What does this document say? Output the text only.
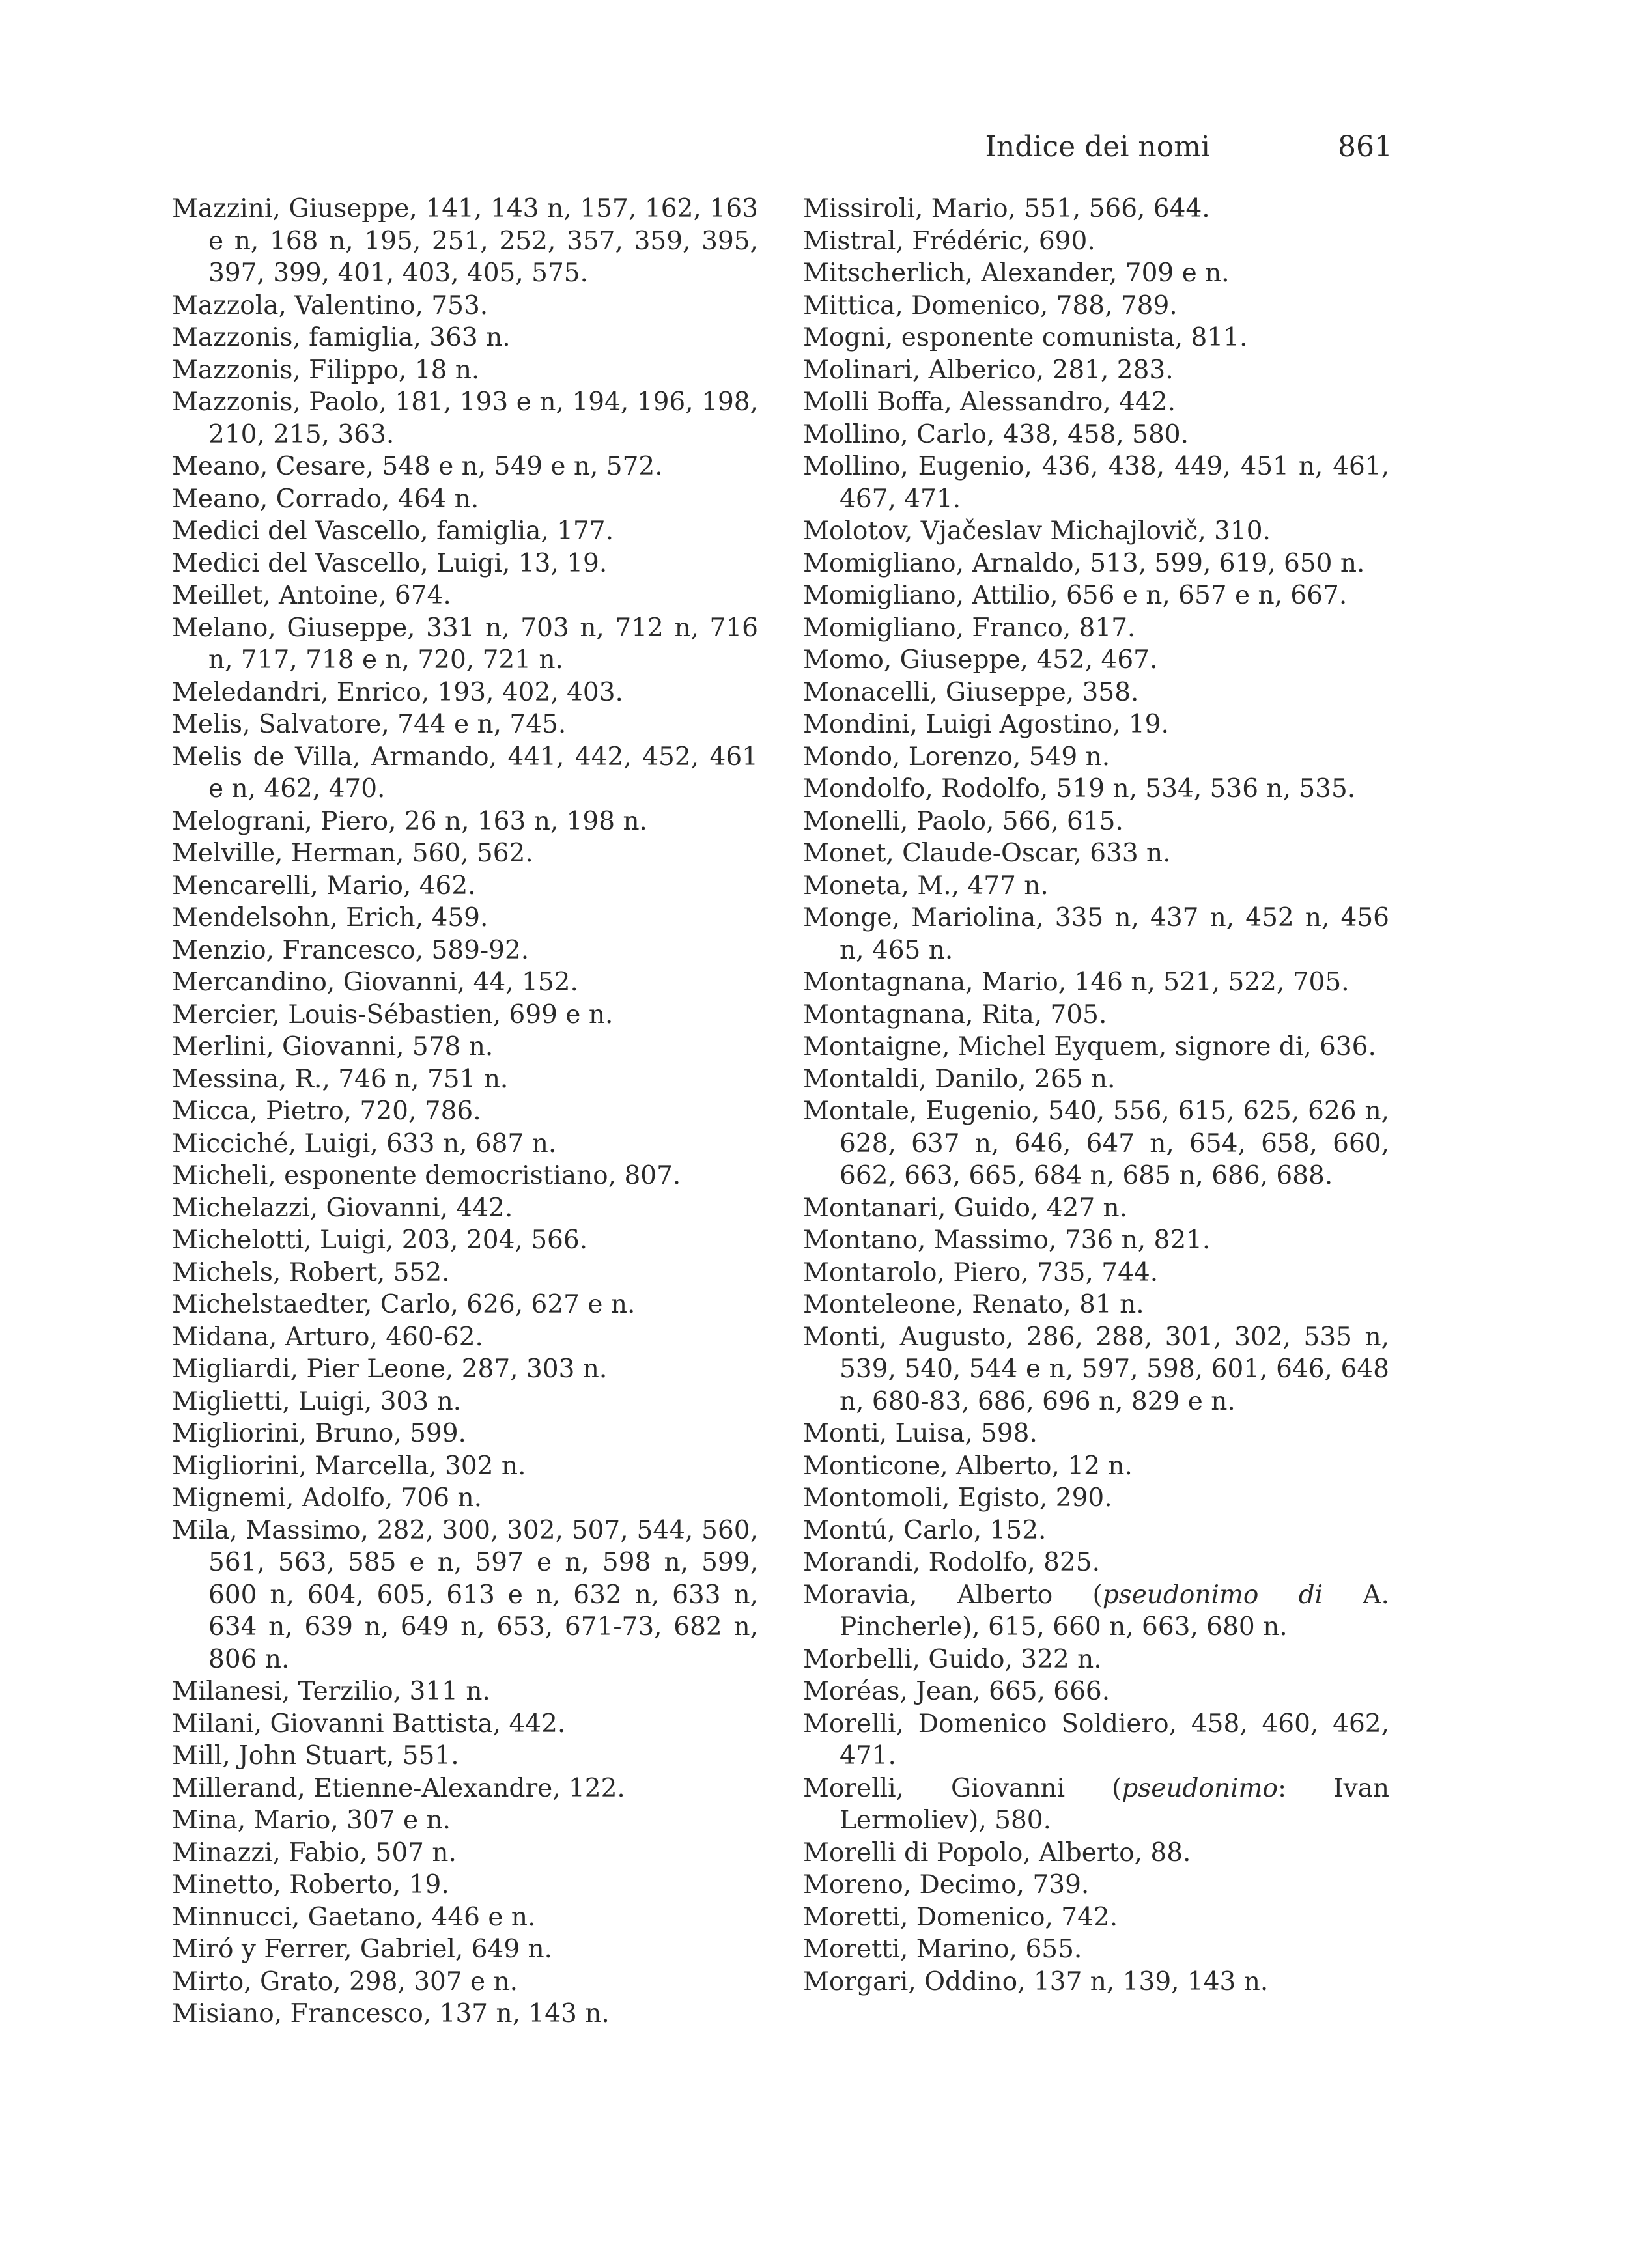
Indice dei nomi	861
Mazzini, Giuseppe, 141, 143 n, 157, 162, 163 e n, 168 n, 195, 251, 252, 357, 359, 395, 397, 399, 401, 403, 405, 575.
Mazzola, Valentino, 753.
Mazzonis, famiglia, 363 n.
Mazzonis, Filippo, 18 n.
Mazzonis, Paolo, 181, 193 e n, 194, 196, 198, 210, 215, 363.
Meano, Cesare, 548 e n, 549 e n, 572.
Meano, Corrado, 464 n.
Medici del Vascello, famiglia, 177.
Medici del Vascello, Luigi, 13, 19.
Meillet, Antoine, 674.
Melano, Giuseppe, 331 n, 703 n, 712 n, 716 n, 717, 718 e n, 720, 721 n.
Meledandri, Enrico, 193, 402, 403.
Melis, Salvatore, 744 e n, 745.
Melis de Villa, Armando, 441, 442, 452, 461 e n, 462, 470.
Melograni, Piero, 26 n, 163 n, 198 n.
Melville, Herman, 560, 562.
Mencarelli, Mario, 462.
Mendelsohn, Erich, 459.
Menzio, Francesco, 589-92.
Mercandino, Giovanni, 44, 152.
Mercier, Louis-Sébastien, 699 e n.
Merlini, Giovanni, 578 n.
Messina, R., 746 n, 751 n.
Micca, Pietro, 720, 786.
Micciché, Luigi, 633 n, 687 n.
Micheli, esponente democristiano, 807.
Michelazzi, Giovanni, 442.
Michelotti, Luigi, 203, 204, 566.
Michels, Robert, 552.
Michelstaedter, Carlo, 626, 627 e n.
Midana, Arturo, 460-62.
Migliardi, Pier Leone, 287, 303 n.
Miglietti, Luigi, 303 n.
Migliorini, Bruno, 599.
Migliorini, Marcella, 302 n.
Mignemi, Adolfo, 706 n.
Mila, Massimo, 282, 300, 302, 507, 544, 560, 561, 563, 585 e n, 597 e n, 598 n, 599, 600 n, 604, 605, 613 e n, 632 n, 633 n, 634 n, 639 n, 649 n, 653, 671-73, 682 n, 806 n.
Milanesi, Terzilio, 311 n.
Milani, Giovanni Battista, 442.
Mill, John Stuart, 551.
Millerand, Etienne-Alexandre, 122.
Mina, Mario, 307 e n.
Minazzi, Fabio, 507 n.
Minetto, Roberto, 19.
Minnucci, Gaetano, 446 e n.
Miró y Ferrer, Gabriel, 649 n.
Mirto, Grato, 298, 307 e n.
Misiano, Francesco, 137 n, 143 n.
Missiroli, Mario, 551, 566, 644.
Mistral, Frédéric, 690.
Mitscherlich, Alexander, 709 e n.
Mittica, Domenico, 788, 789.
Mogni, esponente comunista, 811.
Molinari, Alberico, 281, 283.
Molli Boffa, Alessandro, 442.
Mollino, Carlo, 438, 458, 580.
Mollino, Eugenio, 436, 438, 449, 451 n, 461, 467, 471.
Molotov, Vjačeslav Michajlovič, 310.
Momigliano, Arnaldo, 513, 599, 619, 650 n.
Momigliano, Attilio, 656 e n, 657 e n, 667.
Momigliano, Franco, 817.
Momo, Giuseppe, 452, 467.
Monacelli, Giuseppe, 358.
Mondini, Luigi Agostino, 19.
Mondo, Lorenzo, 549 n.
Mondolfo, Rodolfo, 519 n, 534, 536 n, 535.
Monelli, Paolo, 566, 615.
Monet, Claude-Oscar, 633 n.
Moneta, M., 477 n.
Monge, Mariolina, 335 n, 437 n, 452 n, 456 n, 465 n.
Montagnana, Mario, 146 n, 521, 522, 705.
Montagnana, Rita, 705.
Montaigne, Michel Eyquem, signore di, 636.
Montaldi, Danilo, 265 n.
Montale, Eugenio, 540, 556, 615, 625, 626 n, 628, 637 n, 646, 647 n, 654, 658, 660, 662, 663, 665, 684 n, 685 n, 686, 688.
Montanari, Guido, 427 n.
Montano, Massimo, 736 n, 821.
Montarolo, Piero, 735, 744.
Monteleone, Renato, 81 n.
Monti, Augusto, 286, 288, 301, 302, 535 n, 539, 540, 544 e n, 597, 598, 601, 646, 648 n, 680-83, 686, 696 n, 829 e n.
Monti, Luisa, 598.
Monticone, Alberto, 12 n.
Montomoli, Egisto, 290.
Montú, Carlo, 152.
Morandi, Rodolfo, 825.
Moravia, Alberto (pseudonimo di A. Pincherle), 615, 660 n, 663, 680 n.
Morbelli, Guido, 322 n.
Moréas, Jean, 665, 666.
Morelli, Domenico Soldiero, 458, 460, 462, 471.
Morelli, Giovanni (pseudonimo: Ivan Lermoliev), 580.
Morelli di Popolo, Alberto, 88.
Moreno, Decimo, 739.
Moretti, Domenico, 742.
Moretti, Marino, 655.
Morgari, Oddino, 137 n, 139, 143 n.
